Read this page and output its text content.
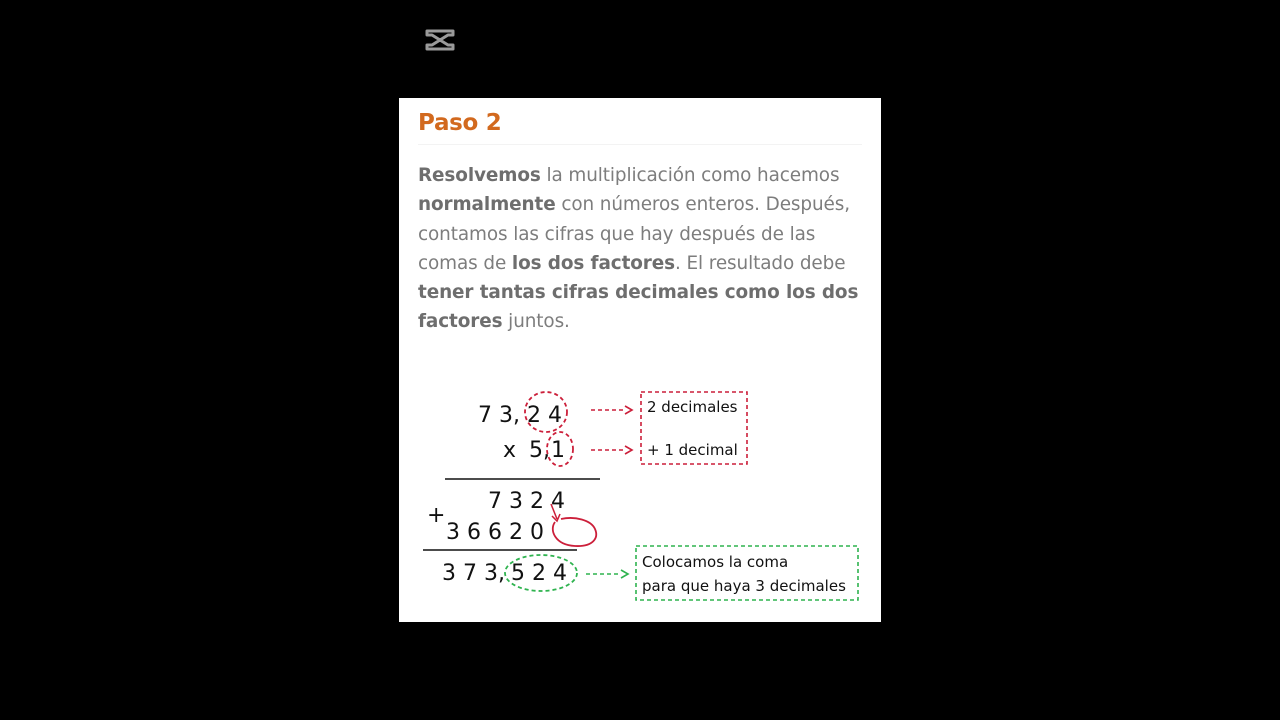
Paso 2

Resolvemos la multiplicación como hacemos normalmente con números enteros. Después, contamos las cifras que hay después de las comas de los dos factores. El resultado debe tener tantas cifras decimales como los dos factores juntos.

7 3, 2 4
x 5, 1
2 decimales
+ 1 decimal
7 3 2 4
+
3 6 6 2 0
3 7 3, 5 2 4	Colocamos la coma
para que haya 3 decimales
